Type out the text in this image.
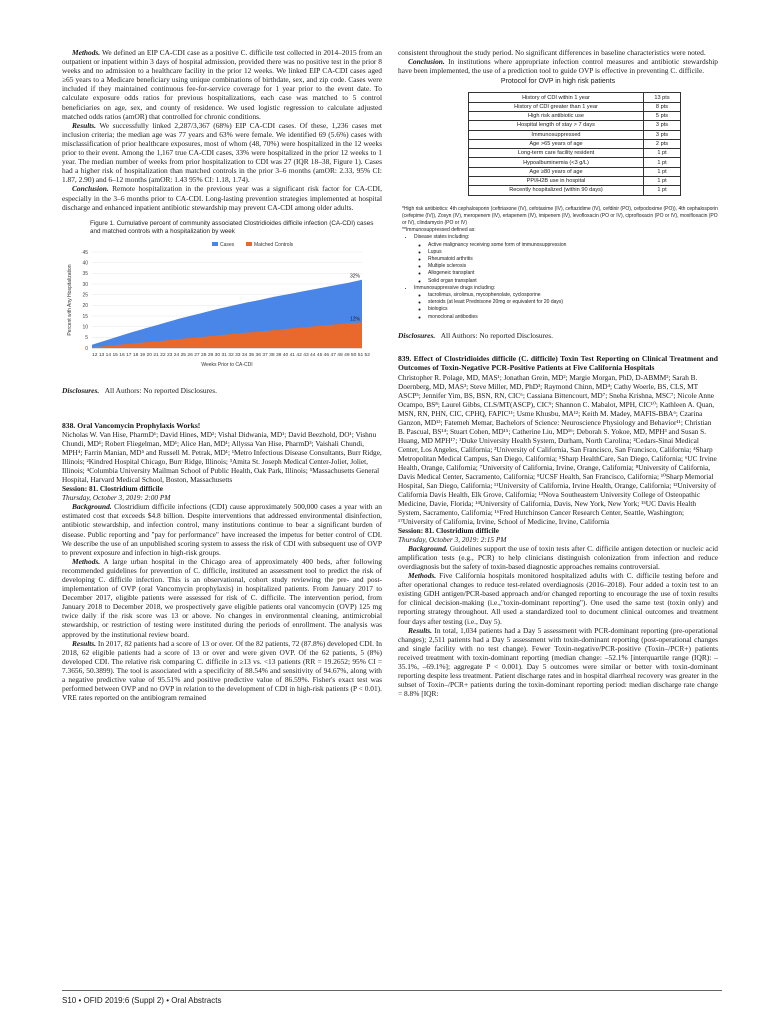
Methods. We defined an EIP CA-CDI case as a positive C. difficile test collected in 2014–2015 from an outpatient or inpatient within 3 days of hospital admission, provided there was no positive test in the prior 8 weeks and no admission to a healthcare facility in the prior 12 weeks. We linked EIP CA-CDI cases aged ≥65 years to a Medicare beneficiary using unique combinations of birthdate, sex, and zip code. Cases were included if they maintained continuous fee-for-service coverage for 1 year prior to the event date. To calculate exposure odds ratios for previous hospitalizations, each case was matched to 5 control beneficiaries on age, sex, and county of residence. We used logistic regression to calculate adjusted matched odds ratios (amOR) that controlled for chronic conditions.

Results. We successfully linked 2,287/3,367 (68%) EIP CA-CDI cases. Of these, 1,236 cases met inclusion criteria; the median age was 77 years and 63% were female. We identified 69 (5.6%) cases with misclassification of prior healthcare exposures, most of whom (48, 70%) were hospitalized in the 12 weeks prior to their event. Among the 1,167 true CA-CDI cases, 33% were hospitalized in the prior 12 weeks to 1 year. The median number of weeks from prior hospitalization to CDI was 27 (IQR 18–38, Figure 1). Cases had a higher risk of hospitalization than matched controls in the prior 3–6 months (amOR: 2.33, 95% CI: 1.87, 2.90) and 6–12 months (amOR: 1.43 95% CI: 1.18, 1.74).

Conclusion. Remote hospitalization in the previous year was a significant risk factor for CA-CDI, especially in the 3–6 months prior to CA-CDI. Long-lasting prevention strategies implemented at hospital discharge and enhanced inpatient antibiotic stewardship may prevent CA-CDI among older adults.

Figure 1. Cumulative percent of community associated Clostridioides difficile infection (CA-CDI) cases and matched controls with a hospitalization by week
0
5
10
15
20
25
30
35
40
45
12 13 14 15 16 17 18 19 20 21 22 23 24 25 26 27 28 29 30 31 32 33 34 35 36 37 38 39 40 41 42 43 44 45 46 47 48 49 50 51 52
Weeks Prior to CA-CDI
Percent with Any Hospitalization	32%
12%
Cases	Matched Controls

Disclosures. All Authors: No reported Disclosures.

838. Oral Vancomycin Prophylaxis Works!

Nicholas W. Van Hise, PharmD¹; David Hines, MD²; Vishal Didwania, MD¹; David Beezhold, DO¹; Vishnu Chundi, MD¹; Robert Fliegelman, MD¹; Alice Han, MD¹; Allyssa Van Hise, PharmD³; Vaishali Chundi, MPH⁴; Farrin Manian, MD⁵ and Russell M. Petrak, MD¹; ¹Metro Infectious Disease Consultants, Burr Ridge, Illinois; ²Kindred Hospital Chicago, Burr Ridge, Illinois; ³Amita St. Joseph Medical Center-Joliet, Joliet, Illinois; ⁴Columbia University Mailman School of Public Health, Oak Park, Illinois; ⁵Massachusetts General Hospital, Harvard Medical School, Boston, Massachusetts

Session: 81. Clostridium difficile

Thursday, October 3, 2019: 2:00 PM

Background. Clostridium difficile infections (CDI) cause approximately 500,000 cases a year with an estimated cost that exceeds $4.8 billion. Despite interventions that addressed environmental disinfection, antibiotic stewardship, and infection control, many institutions continue to bear a significant burden of disease. Public reporting and "pay for performance" have increased the impetus for better control of CDI. We describe the use of an unpublished scoring system to assess the risk of CDI with subsequent use of OVP to prevent exposure and infection in high-risk groups.

Methods. A large urban hospital in the Chicago area of approximately 400 beds, after following recommended guidelines for prevention of C. difficile, instituted an assessment tool to predict the risk of developing C. difficile infection. This is an observational, cohort study reviewing the pre- and post-implementation of OVP (oral Vancomycin prophylaxis) in hospitalized patients. From January 2017 to December 2017, eligible patients were assessed for risk of C. difficile. The intervention period, from January 2018 to December 2018, we prospectively gave eligible patients oral vancomycin (OVP) 125 mg twice daily if the risk score was 13 or above. No changes in environmental cleaning, antimicrobial stewardship, or restriction of testing were instituted during the periods of enrollment. The analysis was approved by the institutional review board.

Results. In 2017, 82 patients had a score of 13 or over. Of the 82 patients, 72 (87.8%) developed CDI. In 2018, 62 eligible patients had a score of 13 or over and were given OVP. Of the 62 patients, 5 (8%) developed CDI. The relative risk comparing C. difficile in ≥13 vs. <13 patients (RR = 19.2652; 95% CI = 7.3656, 50.3899). The tool is associated with a specificity of 88.54% and sensitivity of 94.67%, along with a negative predictive value of 95.51% and positive predictive value of 86.59%. Fisher's exact test was performed between OVP and no OVP in relation to the development of CDI in high-risk patients (P < 0.01). VRE rates reported on the antibiogram remained

consistent throughout the study period. No significant differences in baseline characteristics were noted.

Conclusion. In institutions where appropriate infection control measures and antibiotic stewardship have been implemented, the use of a prediction tool to guide OVP is effective in preventing C. difficile.

Protocol for OVP in high risk patients
History of CDI within 1 year	13 pts
History of CDI greater than 1 year	8 pts
High risk antibiotic use	5 pts
Hospital length of stay > 7 days	3 pts
Immunosuppressed	3 pts
Age >65 years of age	2 pts
Long-term care facility resident	1 pt
Hypoalbuminemia (<3 g/L)	1 pt
Age ≥80 years of age	1 pt
PPI/H2B use in hospital	1 pt
Recently hospitalized (within 90 days)	1 pt
*High risk antibiotics: 4th cephalosporin (ceftriaxone (IV), cefotaxime (IV), ceftazidime (IV), cefdinir (PO), cefpodoxime (PO)), 4th cephalosporin (cefepime (IV)), Zosyn (IV), meropenem (IV), ertapenem (IV), imipenem (IV), levofloxacin (PO or IV), ciprofloxacin (PO or IV), moxifloxacin (PO or IV), clindamycin (PO or IV)
**Immunosuppressed defined as:
• Disease states including:
◦ Active malignancy receiving some form of immunosuppression
◦ Lupus
◦ Rheumatoid arthritis
◦ Multiple sclerosis
◦ Allogeneic transplant
◦ Solid organ transplant
• Immunosuppressive drugs including:
◦ tacrolimus, sirolimus, mycophenolate, cyclosporine
◦ steroids (at least Prednisone 20mg or equivalent for 20 days)
◦ biologics
◦ monoclonal antibodies

Disclosures. All Authors: No reported Disclosures.

839. Effect of Clostridioides difficile (C. difficile) Toxin Test Reporting on Clinical Treatment and Outcomes of Toxin-Negative PCR-Positive Patients at Five California Hospitals

Christopher R. Polage, MD, MAS¹; Jonathan Grein, MD²; Margie Morgan, PhD, D-ABMM²; Sarah B. Doernberg, MD, MAS³; Steve Miller, MD, PhD³; Raymond Chinn, MD⁴; Cathy Woerle, BS, CLS, MT ASCP⁵; Jennifer Yim, BS, BSN, RN, CIC⁶; Cassiana Bittencourt, MD⁷; Sneha Krishna, MSC⁷; Nicole Anne Ocampo, BS⁸; Laurel Gibbs, CLS/MT(ASCP), CIC⁹; Shannon C. Mabalot, MPH, CIC¹⁰; Kathleen A. Quan, MSN, RN, PHN, CIC, CPHQ, FAPIC¹¹; Usme Khusbu, MA¹²; Keith M. Madey, MAFIS-BBA⁶; Czarina Ganzon, MD¹³; Fatemeh Memar, Bachelors of Science: Neuroscience Physiology and Behavior¹¹; Christian B. Pascual, BS¹⁴; Stuart Cohen, MD¹⁵; Catherine Liu, MD¹⁶; Deborah S. Yokoe, MD, MPH³ and Susan S. Huang, MD MPH¹⁷; ¹Duke University Health System, Durham, North Carolina; ²Cedars-Sinai Medical Center, Los Angeles, California; ³University of California, San Francisco, San Francisco, California; ⁴Sharp Metropolitan Medical Campus, San Diego, California; ⁵Sharp HealthCare, San Diego, California; ⁶UC Irvine Health, Orange, California; ⁷University of California, Irvine, Orange, California; ⁸University of California, Davis Medical Center, Sacramento, California; ⁹UCSF Health, San Francisco, California; ¹⁰Sharp Memorial Hospital, San Diego, California; ¹¹University of California, Irvine Health, Orange, California; ¹²University of California Davis Health, Elk Grove, California; ¹³Nova Southeastern University College of Osteopathic Medicine, Davie, Florida; ¹⁴University of California, Davis, New York, New York; ¹⁵UC Davis Health System, Sacramento, California; ¹⁶Fred Hutchinson Cancer Research Center, Seattle, Washington; ¹⁷University of California, Irvine, School of Medicine, Irvine, California

Session: 81. Clostridium difficile

Thursday, October 3, 2019: 2:15 PM

Background. Guidelines support the use of toxin tests after C. difficile antigen detection or nucleic acid amplification tests (e.g., PCR) to help clinicians distinguish colonization from infection and reduce overdiagnosis but the safety of toxin-based diagnostic approaches remains controversial.

Methods. Five California hospitals monitored hospitalized adults with C. difficile testing before and after operational changes to reduce test-related overdiagnosis (2016–2018). Four added a toxin test to an existing GDH antigen/PCR-based approach and/or changed reporting to encourage the use of toxin results for clinical decision-making (i.e.,"toxin-dominant reporting"). One used the same test (toxin only) and reporting strategy throughout. All used a standardized tool to document clinical outcomes and treatment four days after testing (i.e., Day 5).

Results. In total, 1,034 patients had a Day 5 assessment with PCR-dominant reporting (pre-operational changes); 2,511 patients had a Day 5 assessment with toxin-dominant reporting (post-operational changes and single facility with no test change). Fewer Toxin-negative/PCR-positive (Toxin–/PCR+) patients received treatment with toxin-dominant reporting (median change: –52.1% [interquartile range (IQR): –35.1%, –69.1%]; aggregate P < 0.001). Day 5 outcomes were similar or better with toxin-dominant reporting despite less treatment. Patient discharge rates and in hospital diarrheal recovery was greater in the subset of Toxin–/PCR+ patients during the toxin-dominant reporting period: median discharge rate change = 8.8% [IQR:

S10 • OFID 2019:6 (Suppl 2) • Oral Abstracts
